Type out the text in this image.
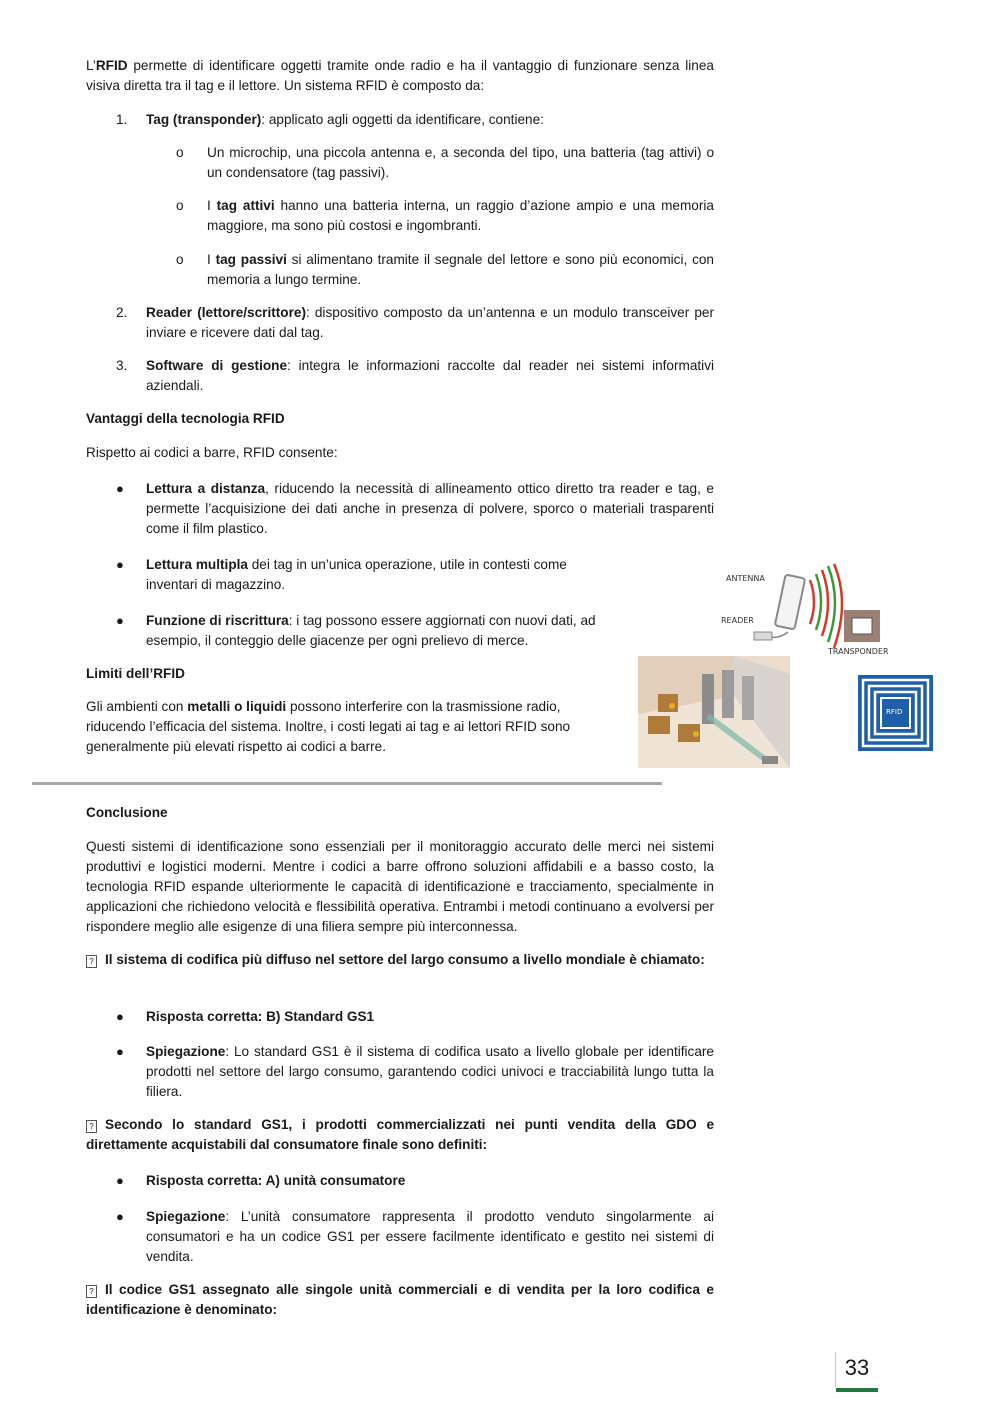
L’RFID permette di identificare oggetti tramite onde radio e ha il vantaggio di funzionare senza linea visiva diretta tra il tag e il lettore. Un sistema RFID è composto da:

1. Tag (transponder): applicato agli oggetti da identificare, contiene:

o Un microchip, una piccola antenna e, a seconda del tipo, una batteria (tag attivi) o un condensatore (tag passivi).

o I tag attivi hanno una batteria interna, un raggio d’azione ampio e una memoria maggiore, ma sono più costosi e ingombranti.

o I tag passivi si alimentano tramite il segnale del lettore e sono più economici, con memoria a lungo termine.

2. Reader (lettore/scrittore): dispositivo composto da un’antenna e un modulo transceiver per inviare e ricevere dati dal tag.

3. Software di gestione: integra le informazioni raccolte dal reader nei sistemi informativi aziendali.

Vantaggi della tecnologia RFID

Rispetto ai codici a barre, RFID consente:

● Lettura a distanza, riducendo la necessità di allineamento ottico diretto tra reader e tag, e permette l’acquisizione dei dati anche in presenza di polvere, sporco o materiali trasparenti come il film plastico.

● Lettura multipla dei tag in un’unica operazione, utile in contesti come inventari di magazzino.

● Funzione di riscrittura: i tag possono essere aggiornati con nuovi dati, ad esempio, il conteggio delle giacenze per ogni prelievo di merce.

Limiti dell’RFID

Gli ambienti con metalli o liquidi possono interferire con la trasmissione radio, riducendo l’efficacia del sistema. Inoltre, i costi legati ai tag e ai lettori RFID sono generalmente più elevati rispetto ai codici a barre.

ANTENNA
READER
TRANSPONDER
RFID

Conclusione

Questi sistemi di identificazione sono essenziali per il monitoraggio accurato delle merci nei sistemi produttivi e logistici moderni. Mentre i codici a barre offrono soluzioni affidabili e a basso costo, la tecnologia RFID espande ulteriormente le capacità di identificazione e tracciamento, specialmente in applicazioni che richiedono velocità e flessibilità operativa. Entrambi i metodi continuano a evolversi per rispondere meglio alle esigenze di una filiera sempre più interconnessa.

? Il sistema di codifica più diffuso nel settore del largo consumo a livello mondiale è chiamato:

● Risposta corretta: B) Standard GS1

● Spiegazione: Lo standard GS1 è il sistema di codifica usato a livello globale per identificare prodotti nel settore del largo consumo, garantendo codici univoci e tracciabilità lungo tutta la filiera.

? Secondo lo standard GS1, i prodotti commercializzati nei punti vendita della GDO e direttamente acquistabili dal consumatore finale sono definiti:

● Risposta corretta: A) unità consumatore

● Spiegazione: L’unità consumatore rappresenta il prodotto venduto singolarmente ai consumatori e ha un codice GS1 per essere facilmente identificato e gestito nei sistemi di vendita.

? Il codice GS1 assegnato alle singole unità commerciali e di vendita per la loro codifica e identificazione è denominato:

33
